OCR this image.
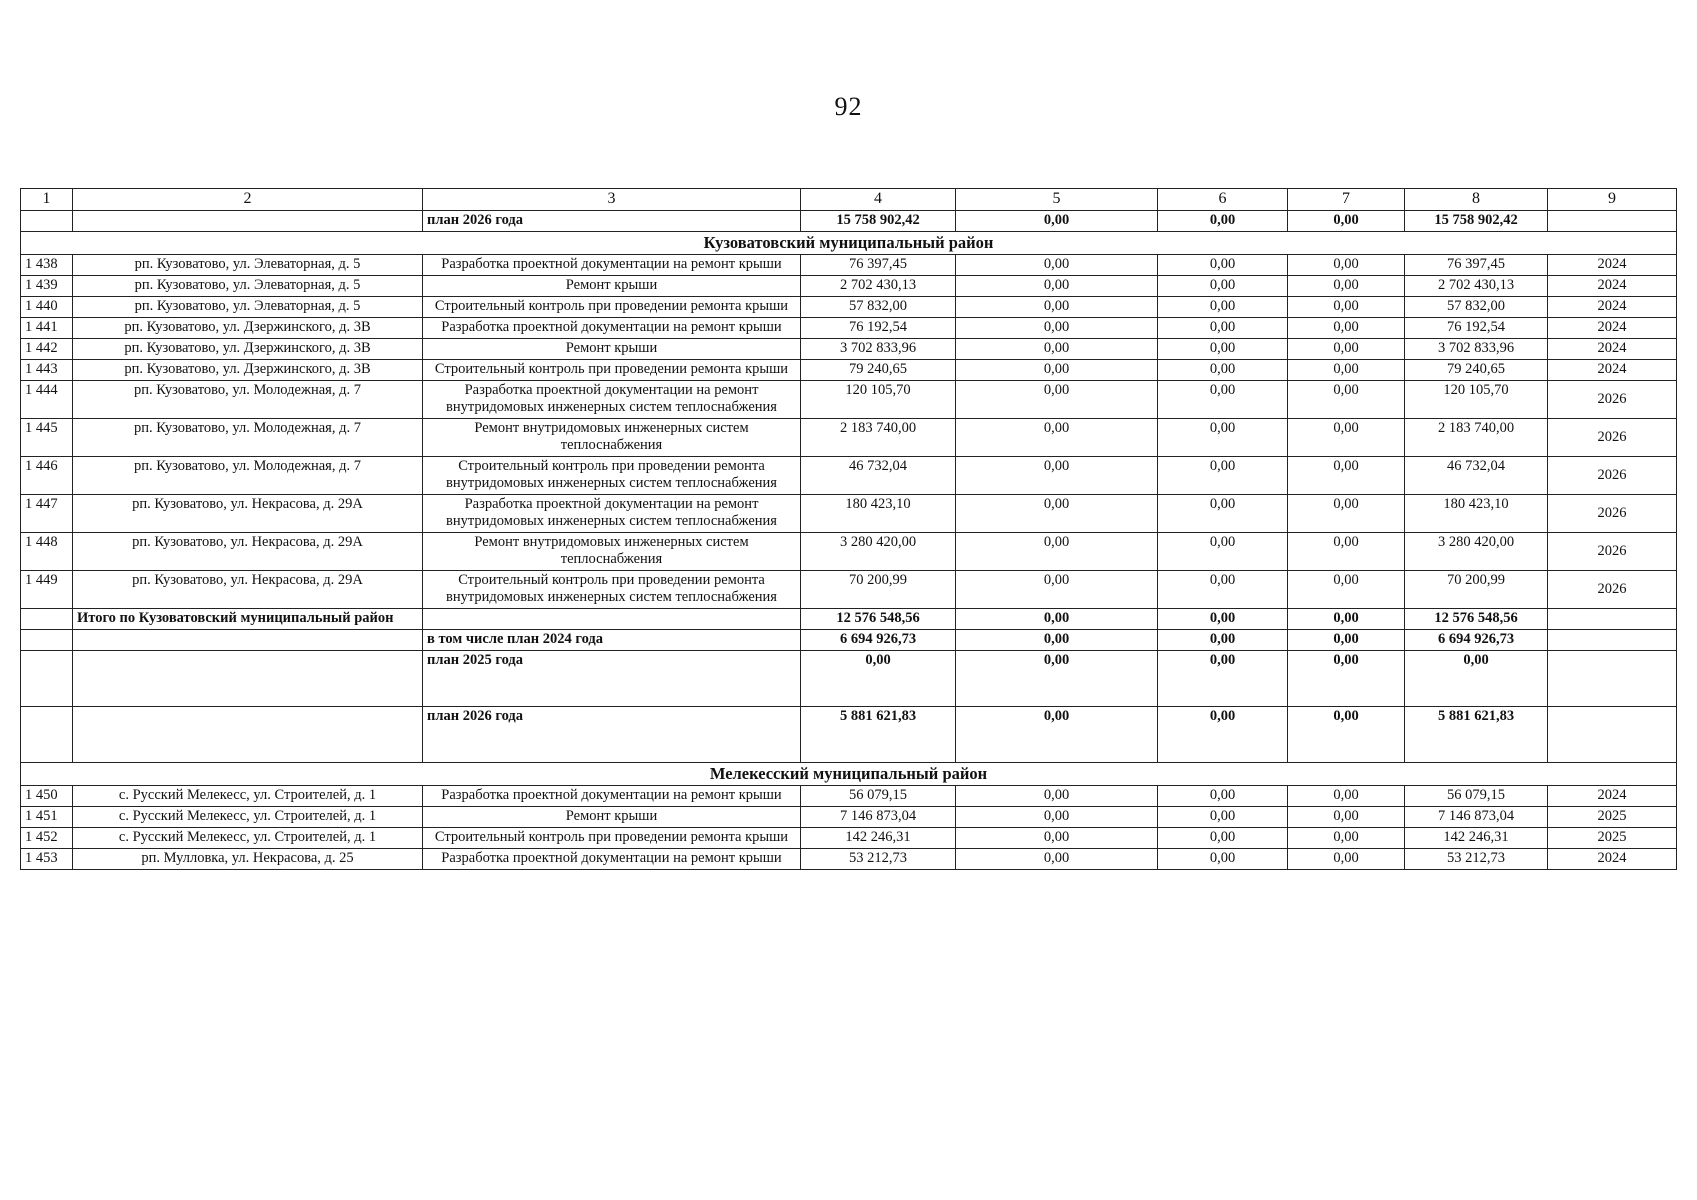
92
1	2	3	4	5	6	7	8	9
		план 2026 года	15 758 902,42	0,00	0,00	0,00	15 758 902,42	
Кузоватовский муниципальный район								
1 438	рп. Кузоватово, ул. Элеваторная, д. 5	Разработка проектной документации на ремонт крыши	76 397,45	0,00	0,00	0,00	76 397,45	2024
1 439	рп. Кузоватово, ул. Элеваторная, д. 5	Ремонт крыши	2 702 430,13	0,00	0,00	0,00	2 702 430,13	2024
1 440	рп. Кузоватово, ул. Элеваторная, д. 5	Строительный контроль при проведении ремонта крыши	57 832,00	0,00	0,00	0,00	57 832,00	2024
1 441	рп. Кузоватово, ул. Дзержинского, д. 3В	Разработка проектной документации на ремонт крыши	76 192,54	0,00	0,00	0,00	76 192,54	2024
1 442	рп. Кузоватово, ул. Дзержинского, д. 3В	Ремонт крыши	3 702 833,96	0,00	0,00	0,00	3 702 833,96	2024
1 443	рп. Кузоватово, ул. Дзержинского, д. 3В	Строительный контроль при проведении ремонта крыши	79 240,65	0,00	0,00	0,00	79 240,65	2024
1 444	рп. Кузоватово, ул. Молодежная, д. 7	Разработка проектной документации на ремонт внутридомовых инженерных систем теплоснабжения	120 105,70	0,00	0,00	0,00	120 105,70	2026
1 445	рп. Кузоватово, ул. Молодежная, д. 7	Ремонт внутридомовых инженерных систем теплоснабжения	2 183 740,00	0,00	0,00	0,00	2 183 740,00	2026
1 446	рп. Кузоватово, ул. Молодежная, д. 7	Строительный контроль при проведении ремонта внутридомовых инженерных систем теплоснабжения	46 732,04	0,00	0,00	0,00	46 732,04	2026
1 447	рп. Кузоватово, ул. Некрасова, д. 29А	Разработка проектной документации на ремонт внутридомовых инженерных систем теплоснабжения	180 423,10	0,00	0,00	0,00	180 423,10	2026
1 448	рп. Кузоватово, ул. Некрасова, д. 29А	Ремонт внутридомовых инженерных систем теплоснабжения	3 280 420,00	0,00	0,00	0,00	3 280 420,00	2026
1 449	рп. Кузоватово, ул. Некрасова, д. 29А	Строительный контроль при проведении ремонта внутридомовых инженерных систем теплоснабжения	70 200,99	0,00	0,00	0,00	70 200,99	2026
	Итого по Кузоватовский муниципальный район		12 576 548,56	0,00	0,00	0,00	12 576 548,56	
		в том числе план 2024 года	6 694 926,73	0,00	0,00	0,00	6 694 926,73	
		план 2025 года	0,00	0,00	0,00	0,00	0,00	
		план 2026 года	5 881 621,83	0,00	0,00	0,00	5 881 621,83	
Мелекесский муниципальный район								
1 450	с. Русский Мелекесс, ул. Строителей, д. 1	Разработка проектной документации на ремонт крыши	56 079,15	0,00	0,00	0,00	56 079,15	2024
1 451	с. Русский Мелекесс, ул. Строителей, д. 1	Ремонт крыши	7 146 873,04	0,00	0,00	0,00	7 146 873,04	2025
1 452	с. Русский Мелекесс, ул. Строителей, д. 1	Строительный контроль при проведении ремонта крыши	142 246,31	0,00	0,00	0,00	142 246,31	2025
1 453	рп. Мулловка, ул. Некрасова, д. 25	Разработка проектной документации на ремонт крыши	53 212,73	0,00	0,00	0,00	53 212,73	2024
